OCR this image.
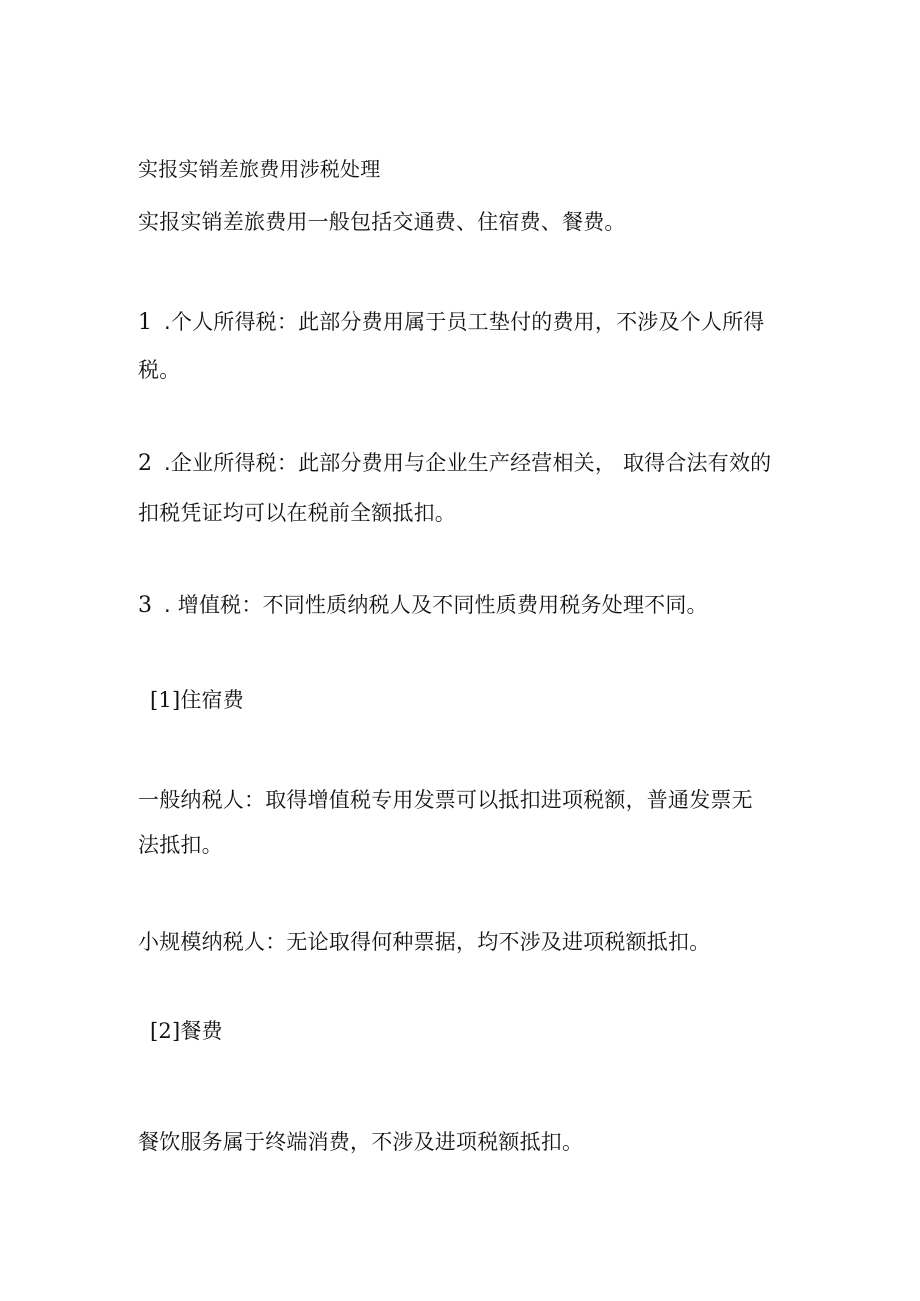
实报实销差旅费用涉税处理
实报实销差旅费用一般包括交通费、住宿费、餐费。
1 .个人所得税：此部分费用属于员工垫付的费用，不涉及个人所得
税。
2 .企业所得税：此部分费用与企业生产经营相关， 取得合法有效的
扣税凭证均可以在税前全额抵扣。
3 . 增值税：不同性质纳税人及不同性质费用税务处理不同。
[1]住宿费
一般纳税人：取得增值税专用发票可以抵扣进项税额，普通发票无
法抵扣。
小规模纳税人：无论取得何种票据，均不涉及进项税额抵扣。
[2]餐费
餐饮服务属于终端消费，不涉及进项税额抵扣。
